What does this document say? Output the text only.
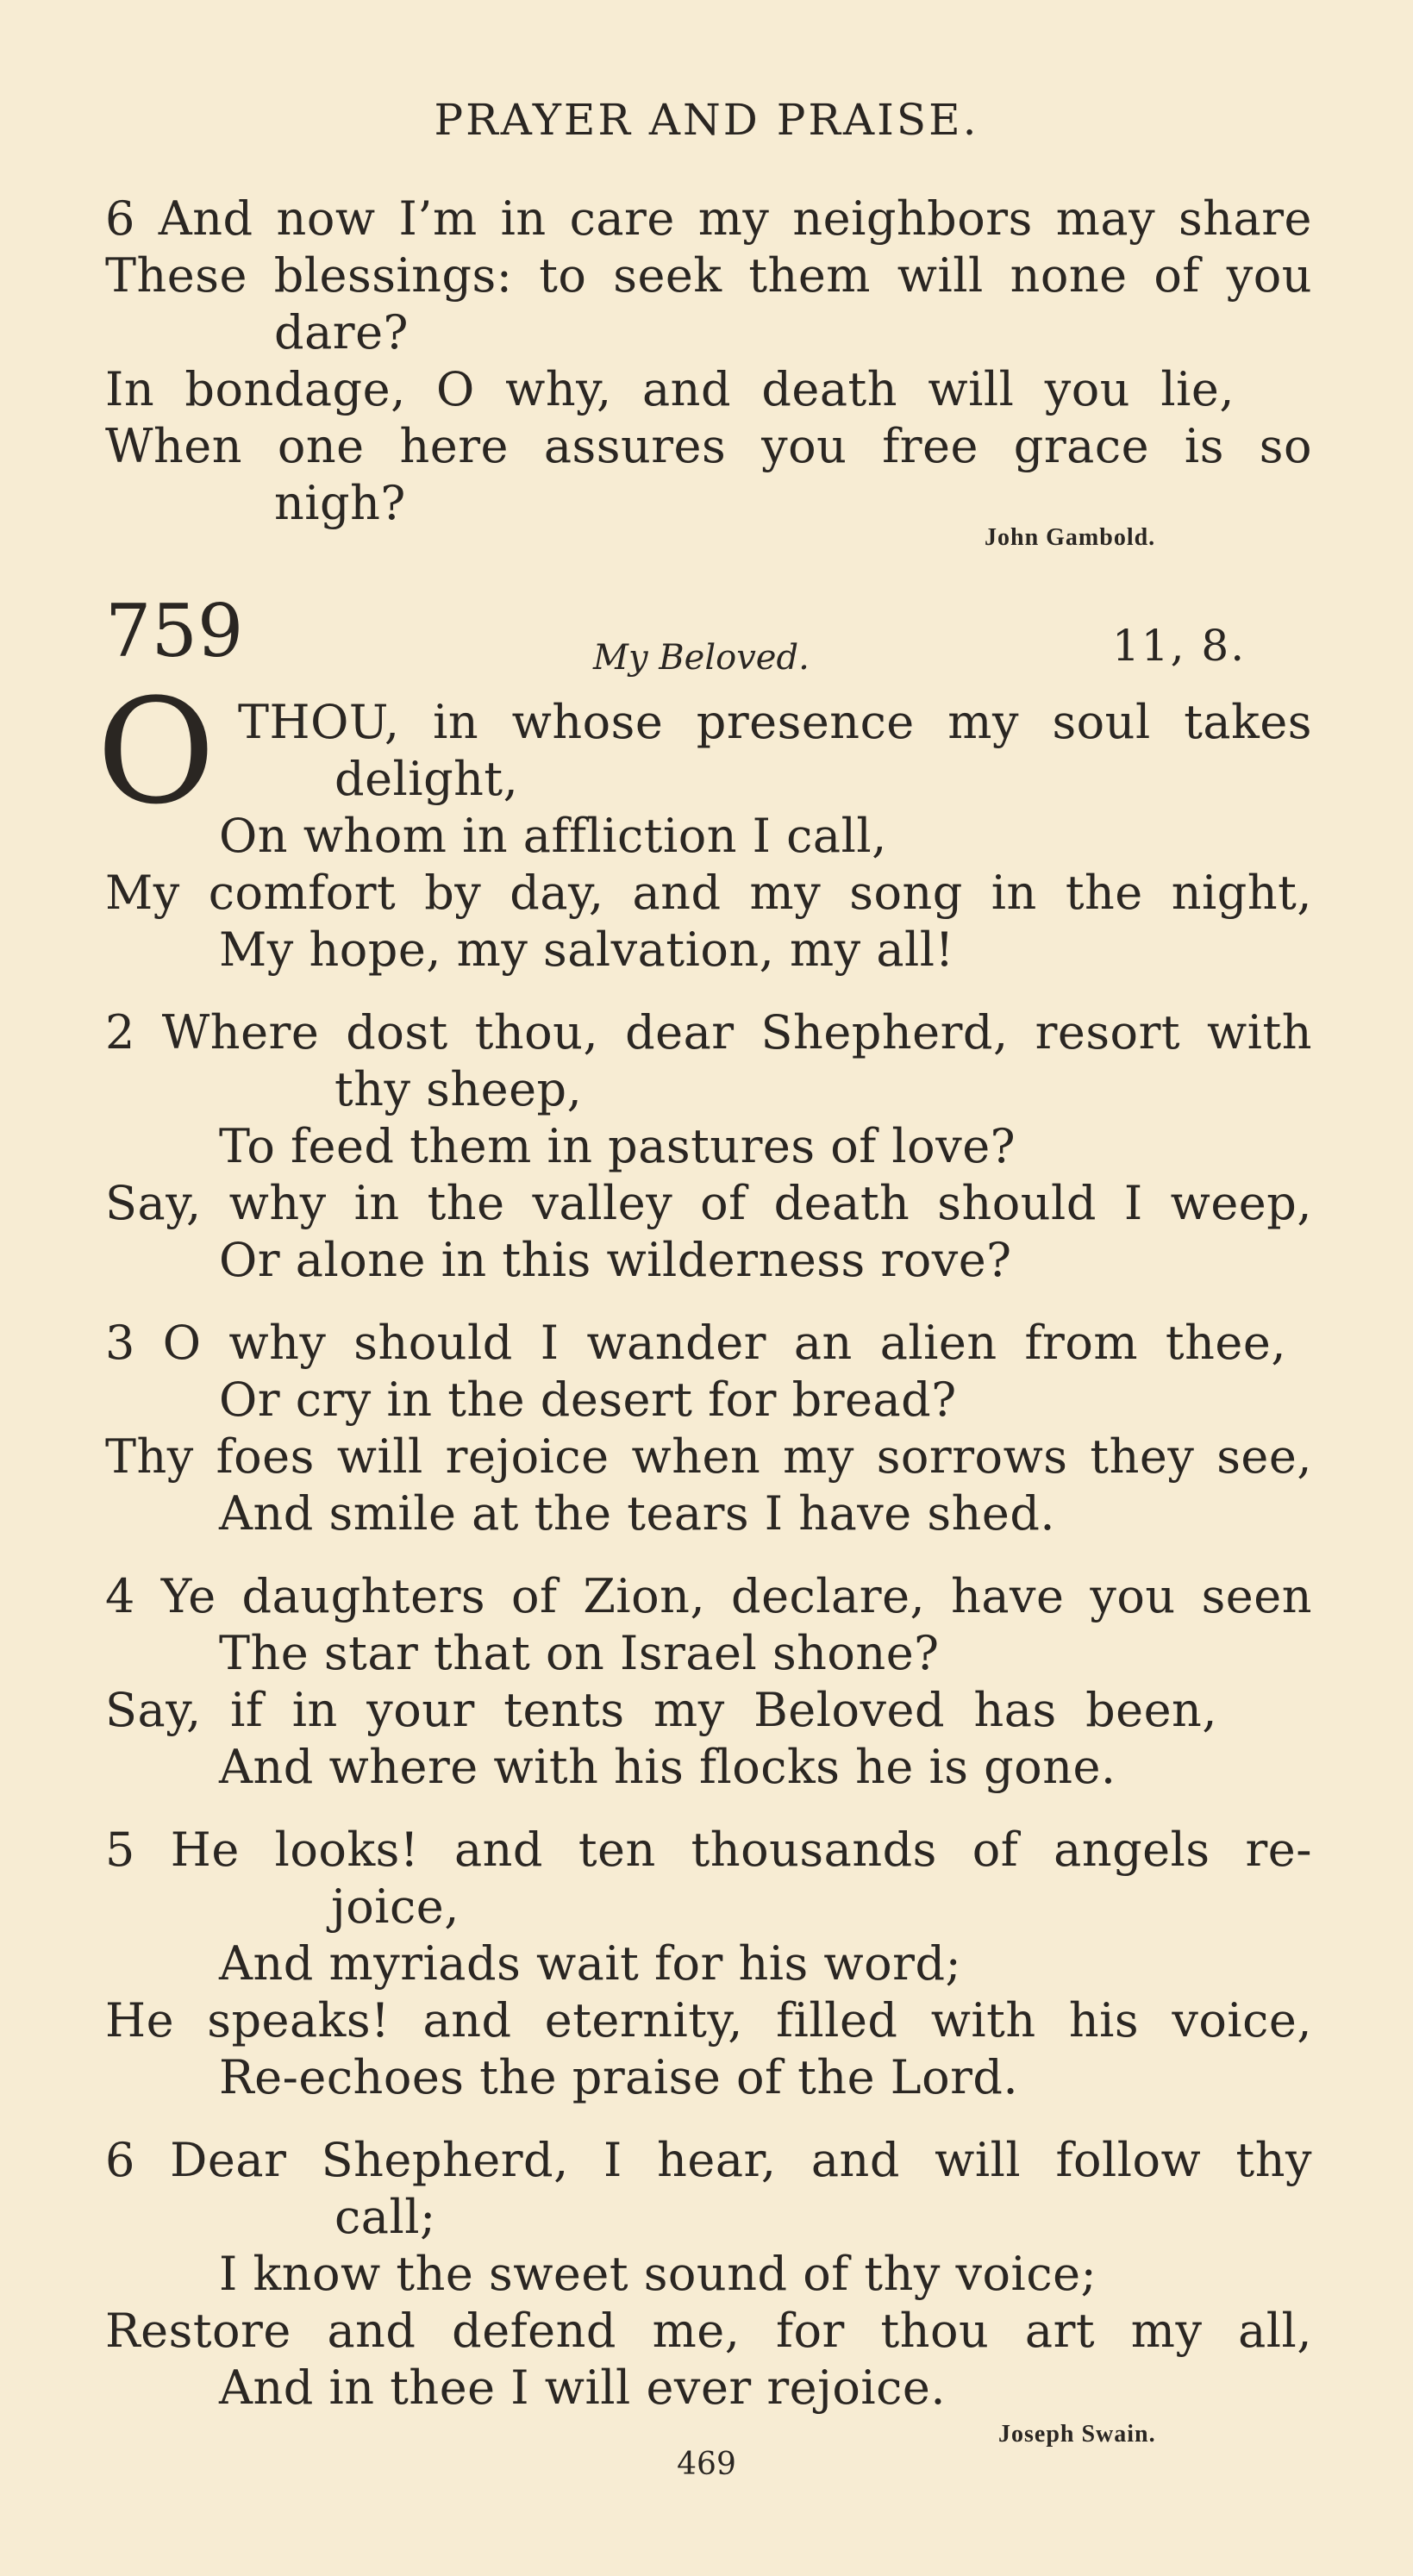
PRAYER AND PRAISE.
6 And now I’m in care my neighbors may share
These blessings: to seek them will none of you
dare?
In bondage, O why, and death will you lie,
When one here assures you free grace is so
nigh?
John Gambold.
759	My Beloved.	11, 8.
O THOU, in whose presence my soul takes
delight,
On whom in affliction I call,
My comfort by day, and my song in the night,
My hope, my salvation, my all!
2 Where dost thou, dear Shepherd, resort with
thy sheep,
To feed them in pastures of love?
Say, why in the valley of death should I weep,
Or alone in this wilderness rove?
3 O why should I wander an alien from thee,
Or cry in the desert for bread?
Thy foes will rejoice when my sorrows they see,
And smile at the tears I have shed.
4 Ye daughters of Zion, declare, have you seen
The star that on Israel shone?
Say, if in your tents my Beloved has been,
And where with his flocks he is gone.
5 He looks! and ten thousands of angels re-
joice,
And myriads wait for his word;
He speaks! and eternity, filled with his voice,
Re-echoes the praise of the Lord.
6 Dear Shepherd, I hear, and will follow thy
call;
I know the sweet sound of thy voice;
Restore and defend me, for thou art my all,
And in thee I will ever rejoice.
Joseph Swain.
469
